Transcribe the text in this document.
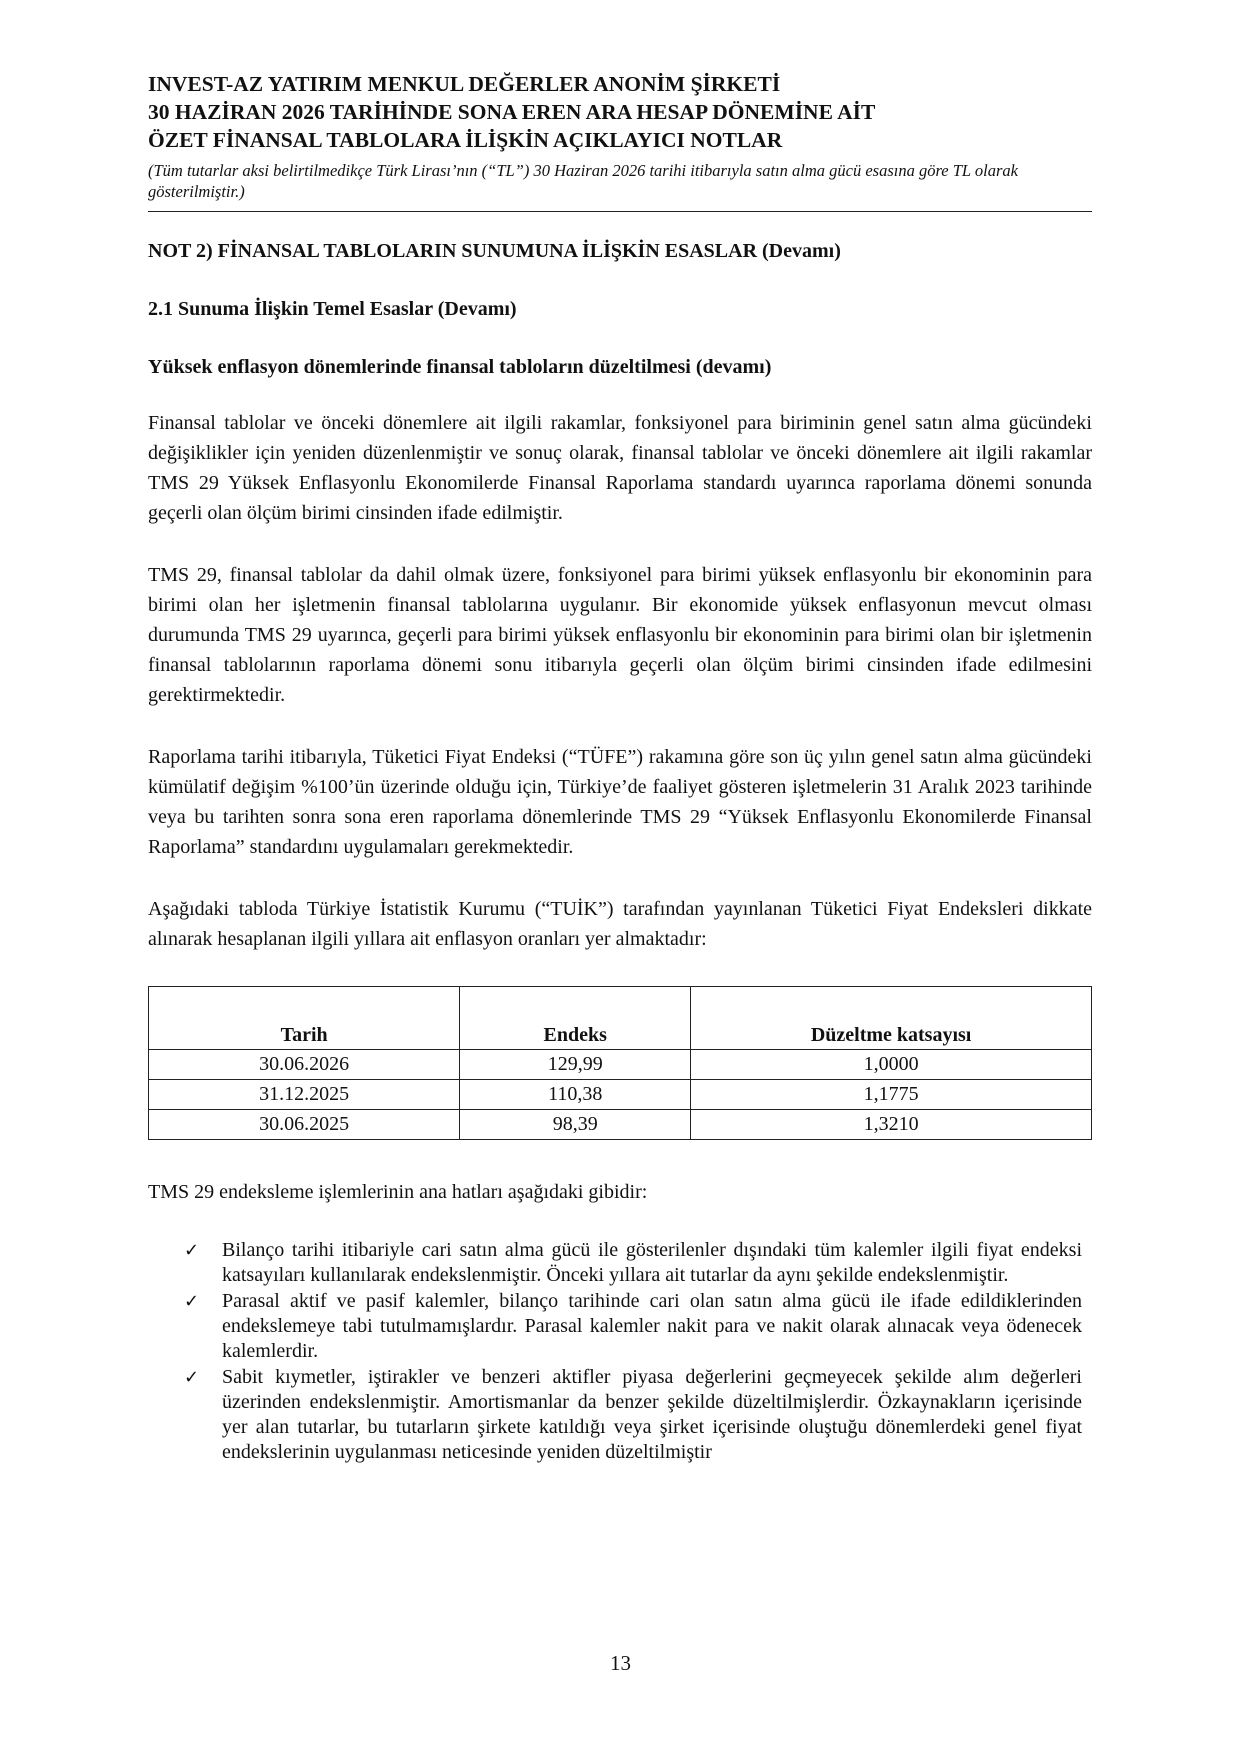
INVEST-AZ YATIRIM MENKUL DEĞERLER ANONİM ŞİRKETİ

30 HAZİRAN 2026 TARİHİNDE SONA EREN ARA HESAP DÖNEMİNE AİT

ÖZET FİNANSAL TABLOLARA İLİŞKİN AÇIKLAYICI NOTLAR

(Tüm tutarlar aksi belirtilmedikçe Türk Lirası’nın (“TL”) 30 Haziran 2026 tarihi itibarıyla satın alma gücü esasına göre TL olarak gösterilmiştir.)

NOT 2) FİNANSAL TABLOLARIN SUNUMUNA İLİŞKİN ESASLAR (Devamı)

2.1 Sunuma İlişkin Temel Esaslar (Devamı)

Yüksek enflasyon dönemlerinde finansal tabloların düzeltilmesi (devamı)

Finansal tablolar ve önceki dönemlere ait ilgili rakamlar, fonksiyonel para biriminin genel satın alma gücündeki değişiklikler için yeniden düzenlenmiştir ve sonuç olarak, finansal tablolar ve önceki dönemlere ait ilgili rakamlar TMS 29 Yüksek Enflasyonlu Ekonomilerde Finansal Raporlama standardı uyarınca raporlama dönemi sonunda geçerli olan ölçüm birimi cinsinden ifade edilmiştir.

TMS 29, finansal tablolar da dahil olmak üzere, fonksiyonel para birimi yüksek enflasyonlu bir ekonominin para birimi olan her işletmenin finansal tablolarına uygulanır. Bir ekonomide yüksek enflasyonun mevcut olması durumunda TMS 29 uyarınca, geçerli para birimi yüksek enflasyonlu bir ekonominin para birimi olan bir işletmenin finansal tablolarının raporlama dönemi sonu itibarıyla geçerli olan ölçüm birimi cinsinden ifade edilmesini gerektirmektedir.

Raporlama tarihi itibarıyla, Tüketici Fiyat Endeksi (“TÜFE”) rakamına göre son üç yılın genel satın alma gücündeki kümülatif değişim %100’ün üzerinde olduğu için, Türkiye’de faaliyet gösteren işletmelerin 31 Aralık 2023 tarihinde veya bu tarihten sonra sona eren raporlama dönemlerinde TMS 29 “Yüksek Enflasyonlu Ekonomilerde Finansal Raporlama” standardını uygulamaları gerekmektedir.

Aşağıdaki tabloda Türkiye İstatistik Kurumu (“TUİK”) tarafından yayınlanan Tüketici Fiyat Endeksleri dikkate alınarak hesaplanan ilgili yıllara ait enflasyon oranları yer almaktadır:

Tarih	Endeks	Düzeltme katsayısı
30.06.2026	129,99	1,0000
31.12.2025	110,38	1,1775
30.06.2025	98,39	1,3210

TMS 29 endeksleme işlemlerinin ana hatları aşağıdaki gibidir:

✓	Bilanço tarihi itibariyle cari satın alma gücü ile gösterilenler dışındaki tüm kalemler ilgili fiyat endeksi katsayıları kullanılarak endekslenmiştir. Önceki yıllara ait tutarlar da aynı şekilde endekslenmiştir.
✓	Parasal aktif ve pasif kalemler, bilanço tarihinde cari olan satın alma gücü ile ifade edildiklerinden endekslemeye tabi tutulmamışlardır. Parasal kalemler nakit para ve nakit olarak alınacak veya ödenecek kalemlerdir.
✓	Sabit kıymetler, iştirakler ve benzeri aktifler piyasa değerlerini geçmeyecek şekilde alım değerleri üzerinden endekslenmiştir. Amortismanlar da benzer şekilde düzeltilmişlerdir. Özkaynakların içerisinde yer alan tutarlar, bu tutarların şirkete katıldığı veya şirket içerisinde oluştuğu dönemlerdeki genel fiyat endekslerinin uygulanması neticesinde yeniden düzeltilmiştir
13
